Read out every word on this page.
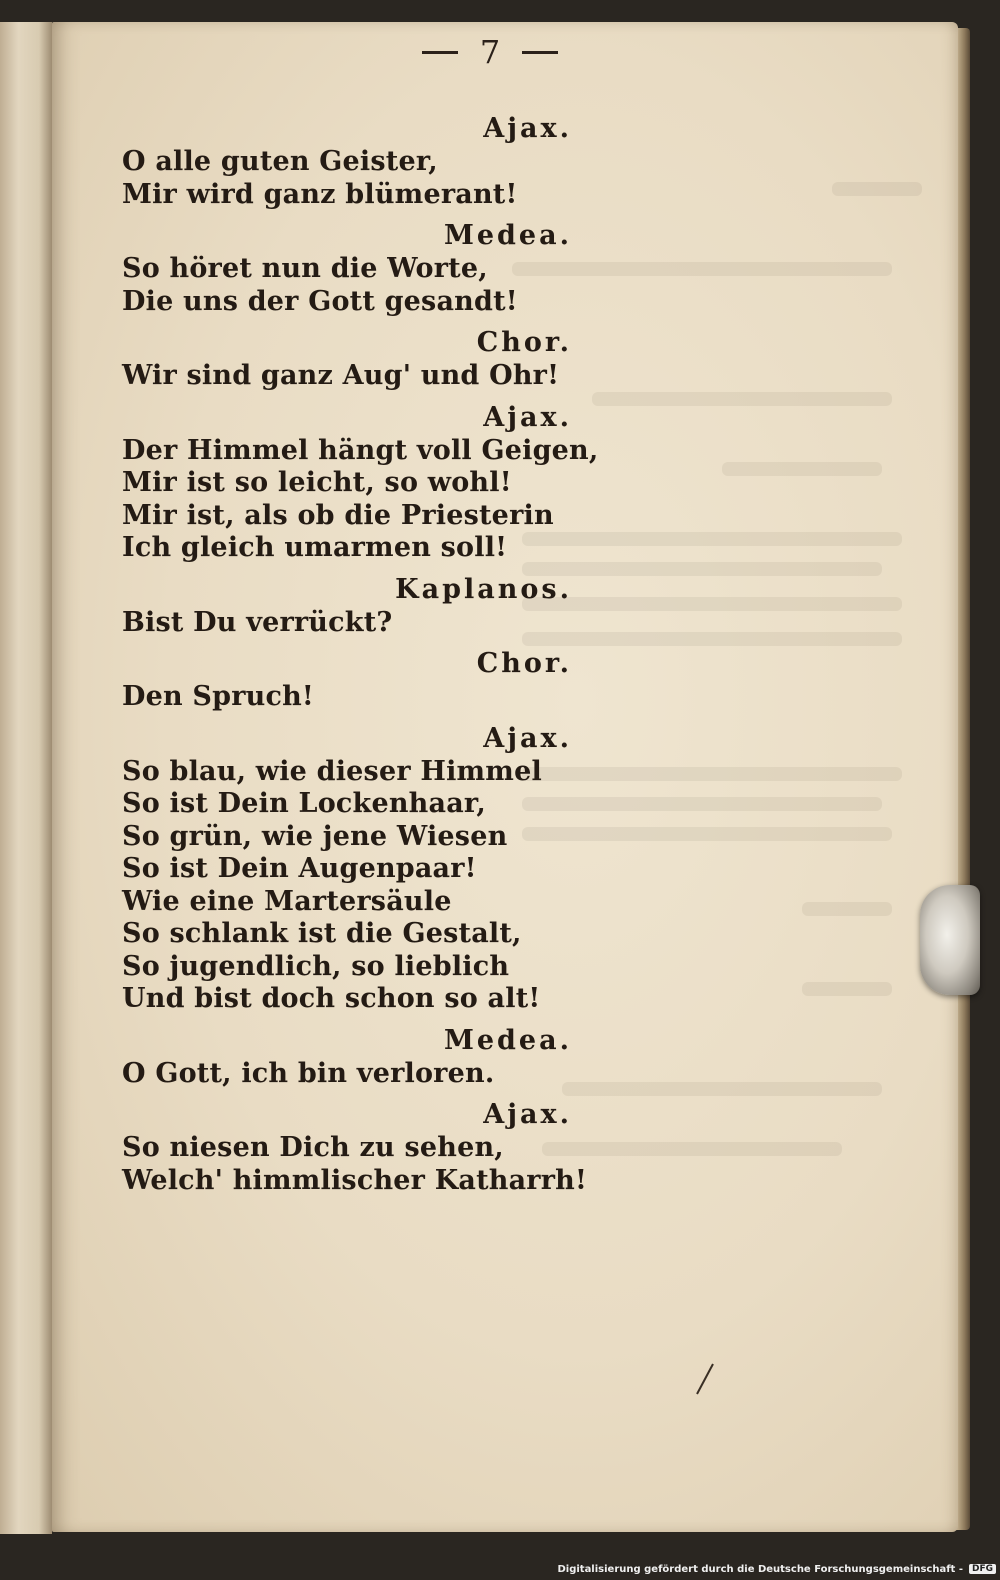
7
Ajax.
O alle guten Geister,
Mir wird ganz blümerant!
Medea.
So höret nun die Worte,
Die uns der Gott gesandt!
Chor.
Wir sind ganz Aug' und Ohr!
Ajax.
Der Himmel hängt voll Geigen,
Mir ist so leicht, so wohl!
Mir ist, als ob die Priesterin
Ich gleich umarmen soll!
Kaplanos.
Bist Du verrückt?
Chor.
Den Spruch!
Ajax.
So blau, wie dieser Himmel
So ist Dein Lockenhaar,
So grün, wie jene Wiesen
So ist Dein Augenpaar!
Wie eine Martersäule
So schlank ist die Gestalt,
So jugendlich, so lieblich
Und bist doch schon so alt!
Medea.
O Gott, ich bin verloren.
Ajax.
So niesen Dich zu sehen,
Welch' himmlischer Katharrh!
Digitalisierung gefördert durch die Deutsche Forschungsgemeinschaft -	DFG
